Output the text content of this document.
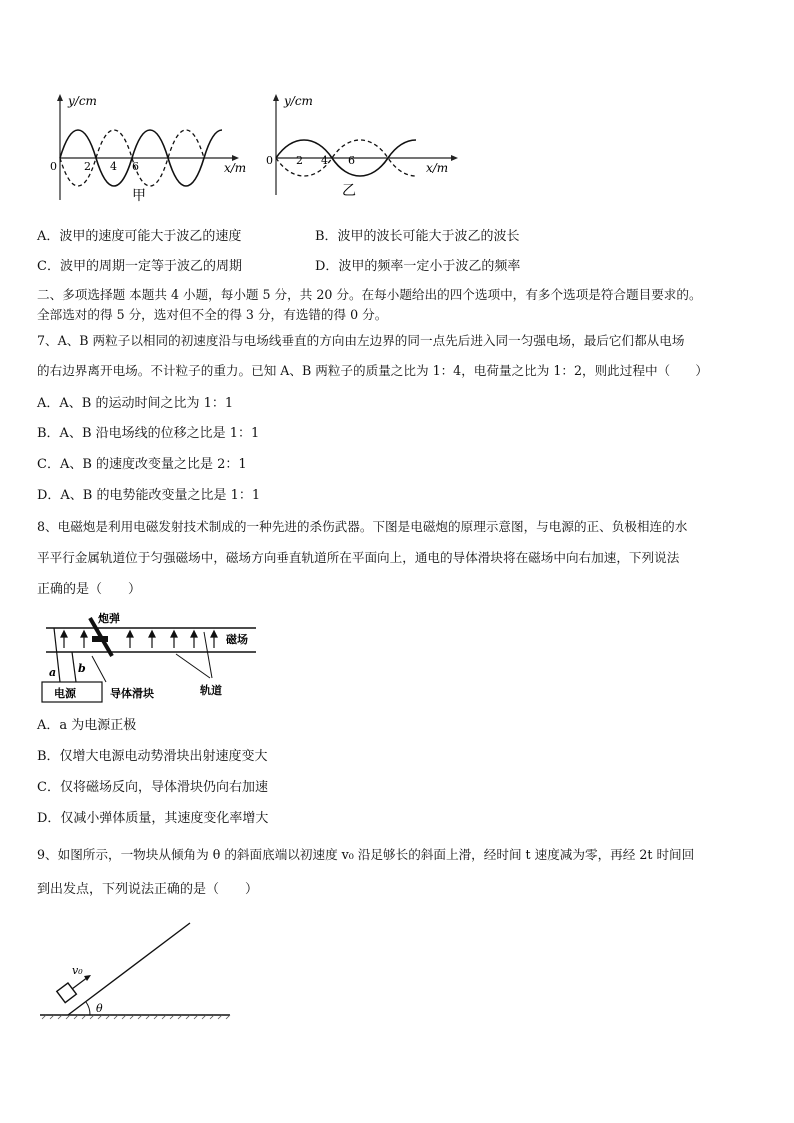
y/cm
0 2 4 6	x/m
甲
y/cm
0 2 4 6
x/m
乙
A．波甲的速度可能大于波乙的速度	B．波甲的波长可能大于波乙的波长
C．波甲的周期一定等于波乙的周期	D．波甲的频率一定小于波乙的频率
二、多项选择题 本题共 4 小题，每小题 5 分，共 20 分。在每小题给出的四个选项中，有多个选项是符合题目要求的。
全部选对的得 5 分，选对但不全的得 3 分，有选错的得 0 分。
7、A、B 两粒子以相同的初速度沿与电场线垂直的方向由左边界的同一点先后进入同一匀强电场，最后它们都从电场
的右边界离开电场。不计粒子的重力。已知 A、B 两粒子的质量之比为 1：4，电荷量之比为 1：2，则此过程中（　　）
A．A、B 的运动时间之比为 1：1
B．A、B 沿电场线的位移之比是 1：1
C．A、B 的速度改变量之比是 2：1
D．A、B 的电势能改变量之比是 1：1
8、电磁炮是利用电磁发射技术制成的一种先进的杀伤武器。下图是电磁炮的原理示意图，与电源的正、负极相连的水
平平行金属轨道位于匀强磁场中，磁场方向垂直轨道所在平面向上，通电的导体滑块将在磁场中向右加速，下列说法
正确的是（　　）
炮弹
磁场
a b
电源	导体滑块	轨道
A．a 为电源正极
B．仅增大电源电动势滑块出射速度变大
C．仅将磁场反向，导体滑块仍向右加速
D．仅减小弹体质量，其速度变化率增大
9、如图所示，一物块从倾角为 θ 的斜面底端以初速度 v₀ 沿足够长的斜面上滑，经时间 t 速度减为零，再经 2t 时间回
到出发点，下列说法正确的是（　　）
v₀
θ
